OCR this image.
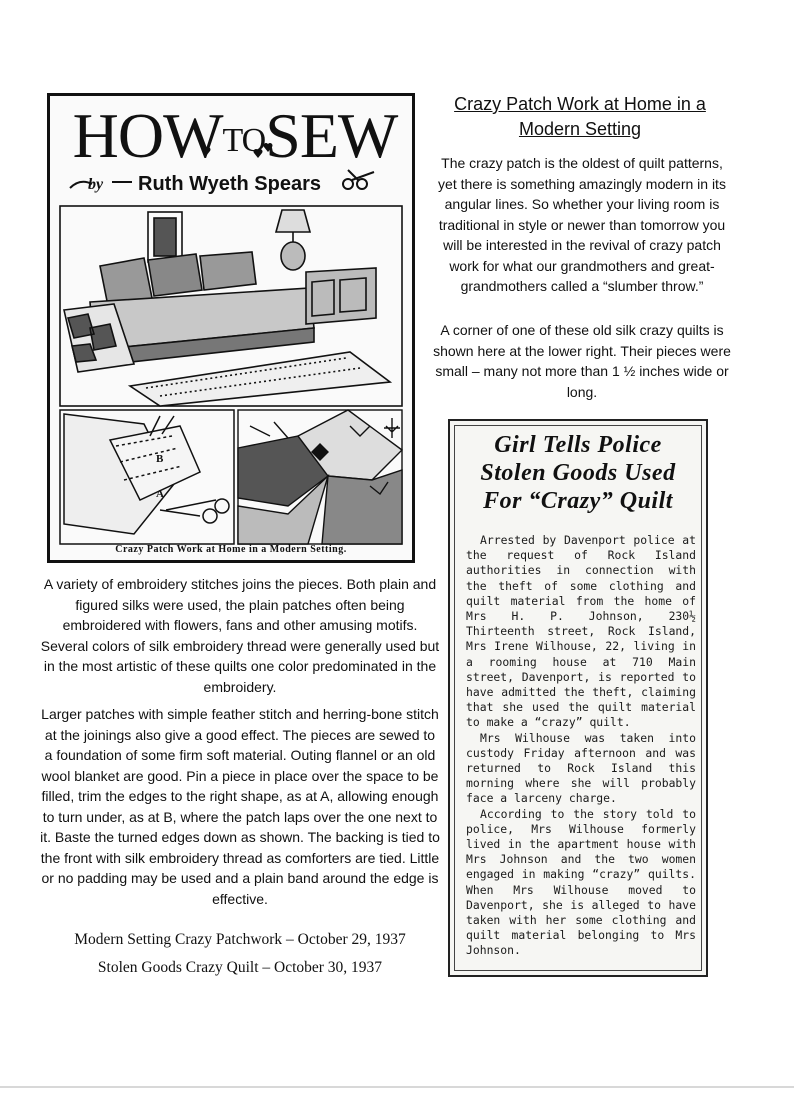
HOWTOSEW
by Ruth Wyeth Spears
B
A
Crazy Patch Work at Home in a Modern Setting.
Crazy Patch Work at Home in a
Modern Setting
The crazy patch is the oldest of quilt patterns, yet there is something amazingly modern in its angular lines. So whether your living room is traditional in style or newer than tomorrow you will be interested in the revival of crazy patch work for what our grandmothers and great-grandmothers called a “slumber throw.”
A corner of one of these old silk crazy quilts is shown here at the lower right. Their pieces were small – many not more than 1 ½ inches wide or long.
A variety of embroidery stitches joins the pieces. Both plain and figured silks were used, the plain patches often being embroidered with flowers, fans and other amusing motifs. Several colors of silk embroidery thread were generally used but in the most artistic of these quilts one color predominated in the embroidery.
Larger patches with simple feather stitch and herring-bone stitch at the joinings also give a good effect. The pieces are sewed to a foundation of some firm soft material. Outing flannel or an old wool blanket are good. Pin a piece in place over the space to be filled, trim the edges to the right shape, as at A, allowing enough to turn under, as at B, where the patch laps over the one next to it. Baste the turned edges down as shown. The backing is tied to the front with silk embroidery thread as comforters are tied. Little or no padding may be used and a plain band around the edge is effective.
Modern Setting Crazy Patchwork – October 29, 1937
Stolen Goods Crazy Quilt – October 30, 1937
Girl Tells Police
Stolen Goods Used
For “Crazy” Quilt

Arrested by Davenport police at the request of Rock Island authorities in connection with the theft of some clothing and quilt material from the home of Mrs H. P. Johnson, 230½ Thirteenth street, Rock Island, Mrs Irene Wilhouse, 22, living in a rooming house at 710 Main street, Davenport, is reported to have admitted the theft, claiming that she used the quilt material to make a “crazy” quilt.

Mrs Wilhouse was taken into custody Friday afternoon and was returned to Rock Island this morning where she will probably face a larceny charge.

According to the story told to police, Mrs Wilhouse formerly lived in the apartment house with Mrs Johnson and the two women engaged in making “crazy” quilts. When Mrs Wilhouse moved to Davenport, she is alleged to have taken with her some clothing and quilt material belonging to Mrs Johnson.
